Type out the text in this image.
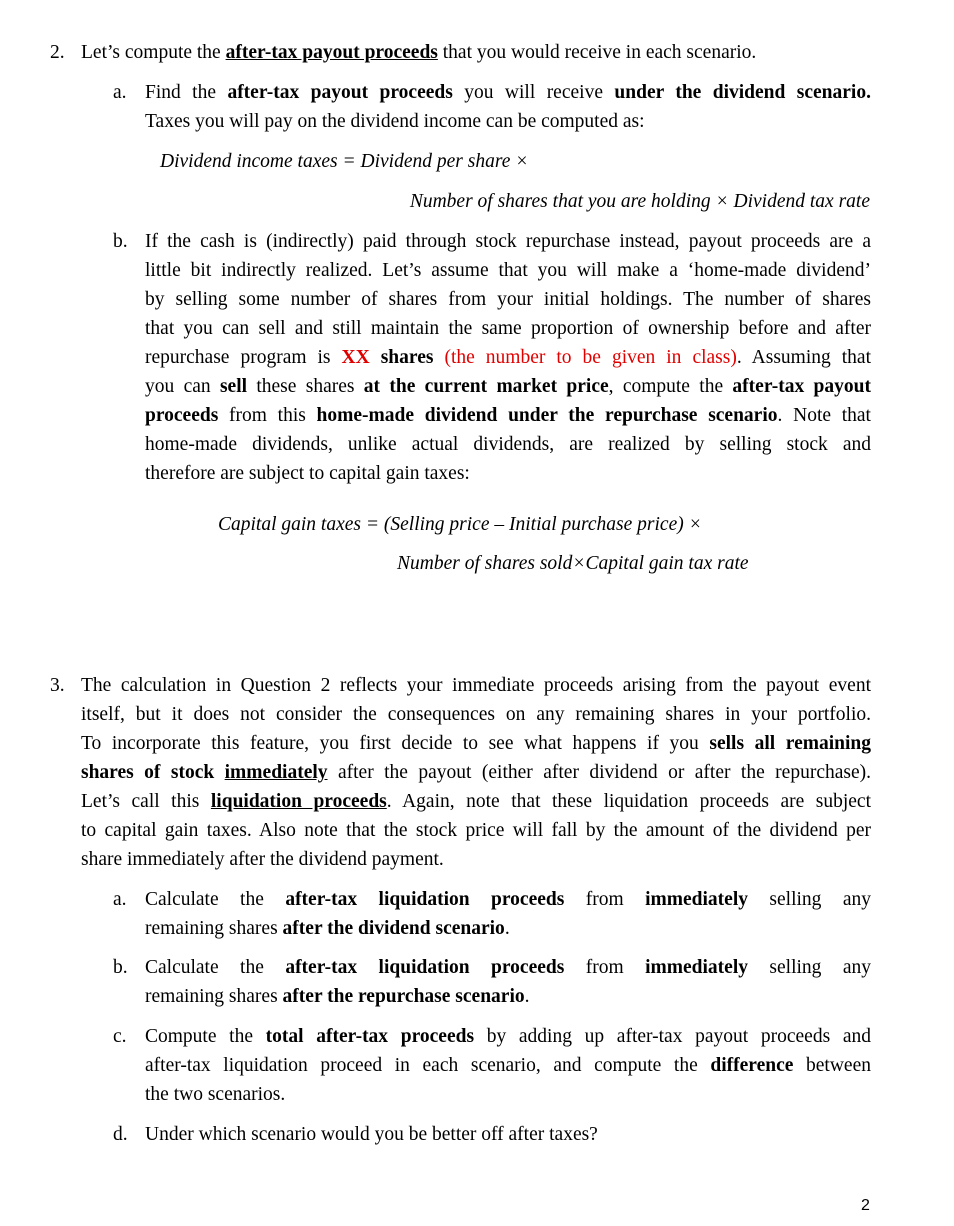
2. Let’s compute the after-tax payout proceeds that you would receive in each scenario.
a. Find the after-tax payout proceeds you will receive under the dividend scenario.
Taxes you will pay on the dividend income can be computed as:
Dividend income taxes = Dividend per share ×
Number of shares that you are holding × Dividend tax rate
b. If the cash is (indirectly) paid through stock repurchase instead, payout proceeds are a
little bit indirectly realized. Let’s assume that you will make a ‘home-made dividend’
by selling some number of shares from your initial holdings. The number of shares
that you can sell and still maintain the same proportion of ownership before and after
repurchase program is XX shares (the number to be given in class). Assuming that
you can sell these shares at the current market price, compute the after-tax payout
proceeds from this home-made dividend under the repurchase scenario. Note that
home-made dividends, unlike actual dividends, are realized by selling stock and
therefore are subject to capital gain taxes:
Capital gain taxes = (Selling price – Initial purchase price) ×
Number of shares sold×Capital gain tax rate
3. The calculation in Question 2 reflects your immediate proceeds arising from the payout event
itself, but it does not consider the consequences on any remaining shares in your portfolio.
To incorporate this feature, you first decide to see what happens if you sells all remaining
shares of stock immediately after the payout (either after dividend or after the repurchase).
Let’s call this liquidation proceeds. Again, note that these liquidation proceeds are subject
to capital gain taxes. Also note that the stock price will fall by the amount of the dividend per
share immediately after the dividend payment.
a. Calculate the after-tax liquidation proceeds from immediately selling any
remaining shares after the dividend scenario.
b. Calculate the after-tax liquidation proceeds from immediately selling any
remaining shares after the repurchase scenario.
c. Compute the total after-tax proceeds by adding up after-tax payout proceeds and
after-tax liquidation proceed in each scenario, and compute the difference between
the two scenarios.
d. Under which scenario would you be better off after taxes?
2
